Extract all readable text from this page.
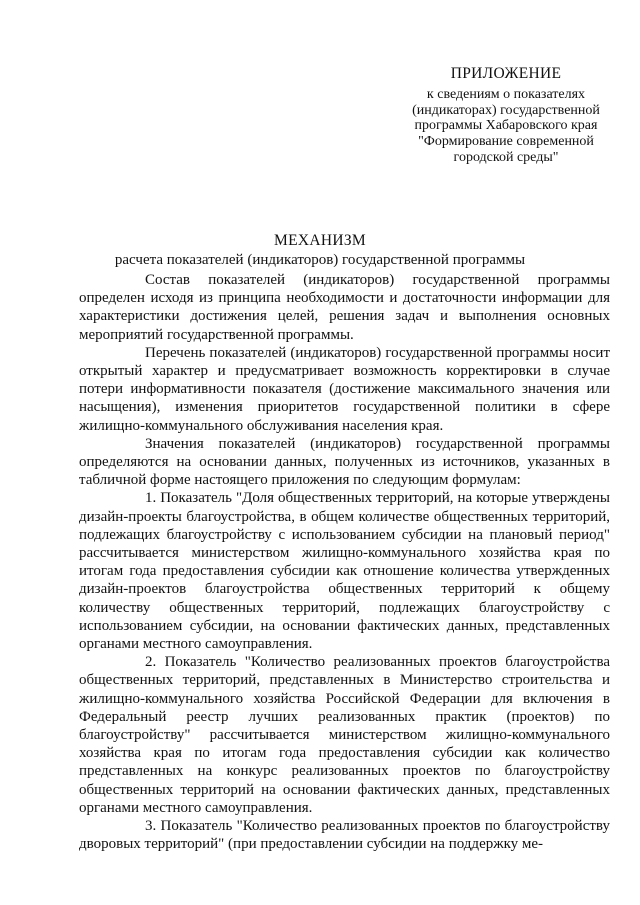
ПРИЛОЖЕНИЕ
к сведениям о показателях
(индикаторах) государственной
программы Хабаровского края
"Формирование современной
городской среды"
МЕХАНИЗМ
расчета показателей (индикаторов) государственной программы

Состав показателей (индикаторов) государственной программы определен исходя из принципа необходимости и достаточности информации для характеристики достижения целей, решения задач и выполнения основных мероприятий государственной программы.

Перечень показателей (индикаторов) государственной программы носит открытый характер и предусматривает возможность корректировки в случае потери информативности показателя (достижение максимального значения или насыщения), изменения приоритетов государственной политики в сфере жилищно-коммунального обслуживания населения края.

Значения показателей (индикаторов) государственной программы определяются на основании данных, полученных из источников, указанных в табличной форме настоящего приложения по следующим формулам:

1. Показатель "Доля общественных территорий, на которые утверждены дизайн-проекты благоустройства, в общем количестве общественных территорий, подлежащих благоустройству с использованием субсидии на плановый период" рассчитывается министерством жилищно-коммунального хозяйства края по итогам года предоставления субсидии как отношение количества утвержденных дизайн-проектов благоустройства общественных территорий к общему количеству общественных территорий, подлежащих благоустройству с использованием субсидии, на основании фактических данных, представленных органами местного самоуправления.

2. Показатель "Количество реализованных проектов благоустройства общественных территорий, представленных в Министерство строительства и жилищно-коммунального хозяйства Российской Федерации для включения в Федеральный реестр лучших реализованных практик (проектов) по благоустройству" рассчитывается министерством жилищно-коммунального хозяйства края по итогам года предоставления субсидии как количество представленных на конкурс реализованных проектов по благоустройству общественных территорий на основании фактических данных, представленных органами местного самоуправления.

3. Показатель "Количество реализованных проектов по благоустройству дворовых территорий" (при предоставлении субсидии на поддержку ме-
